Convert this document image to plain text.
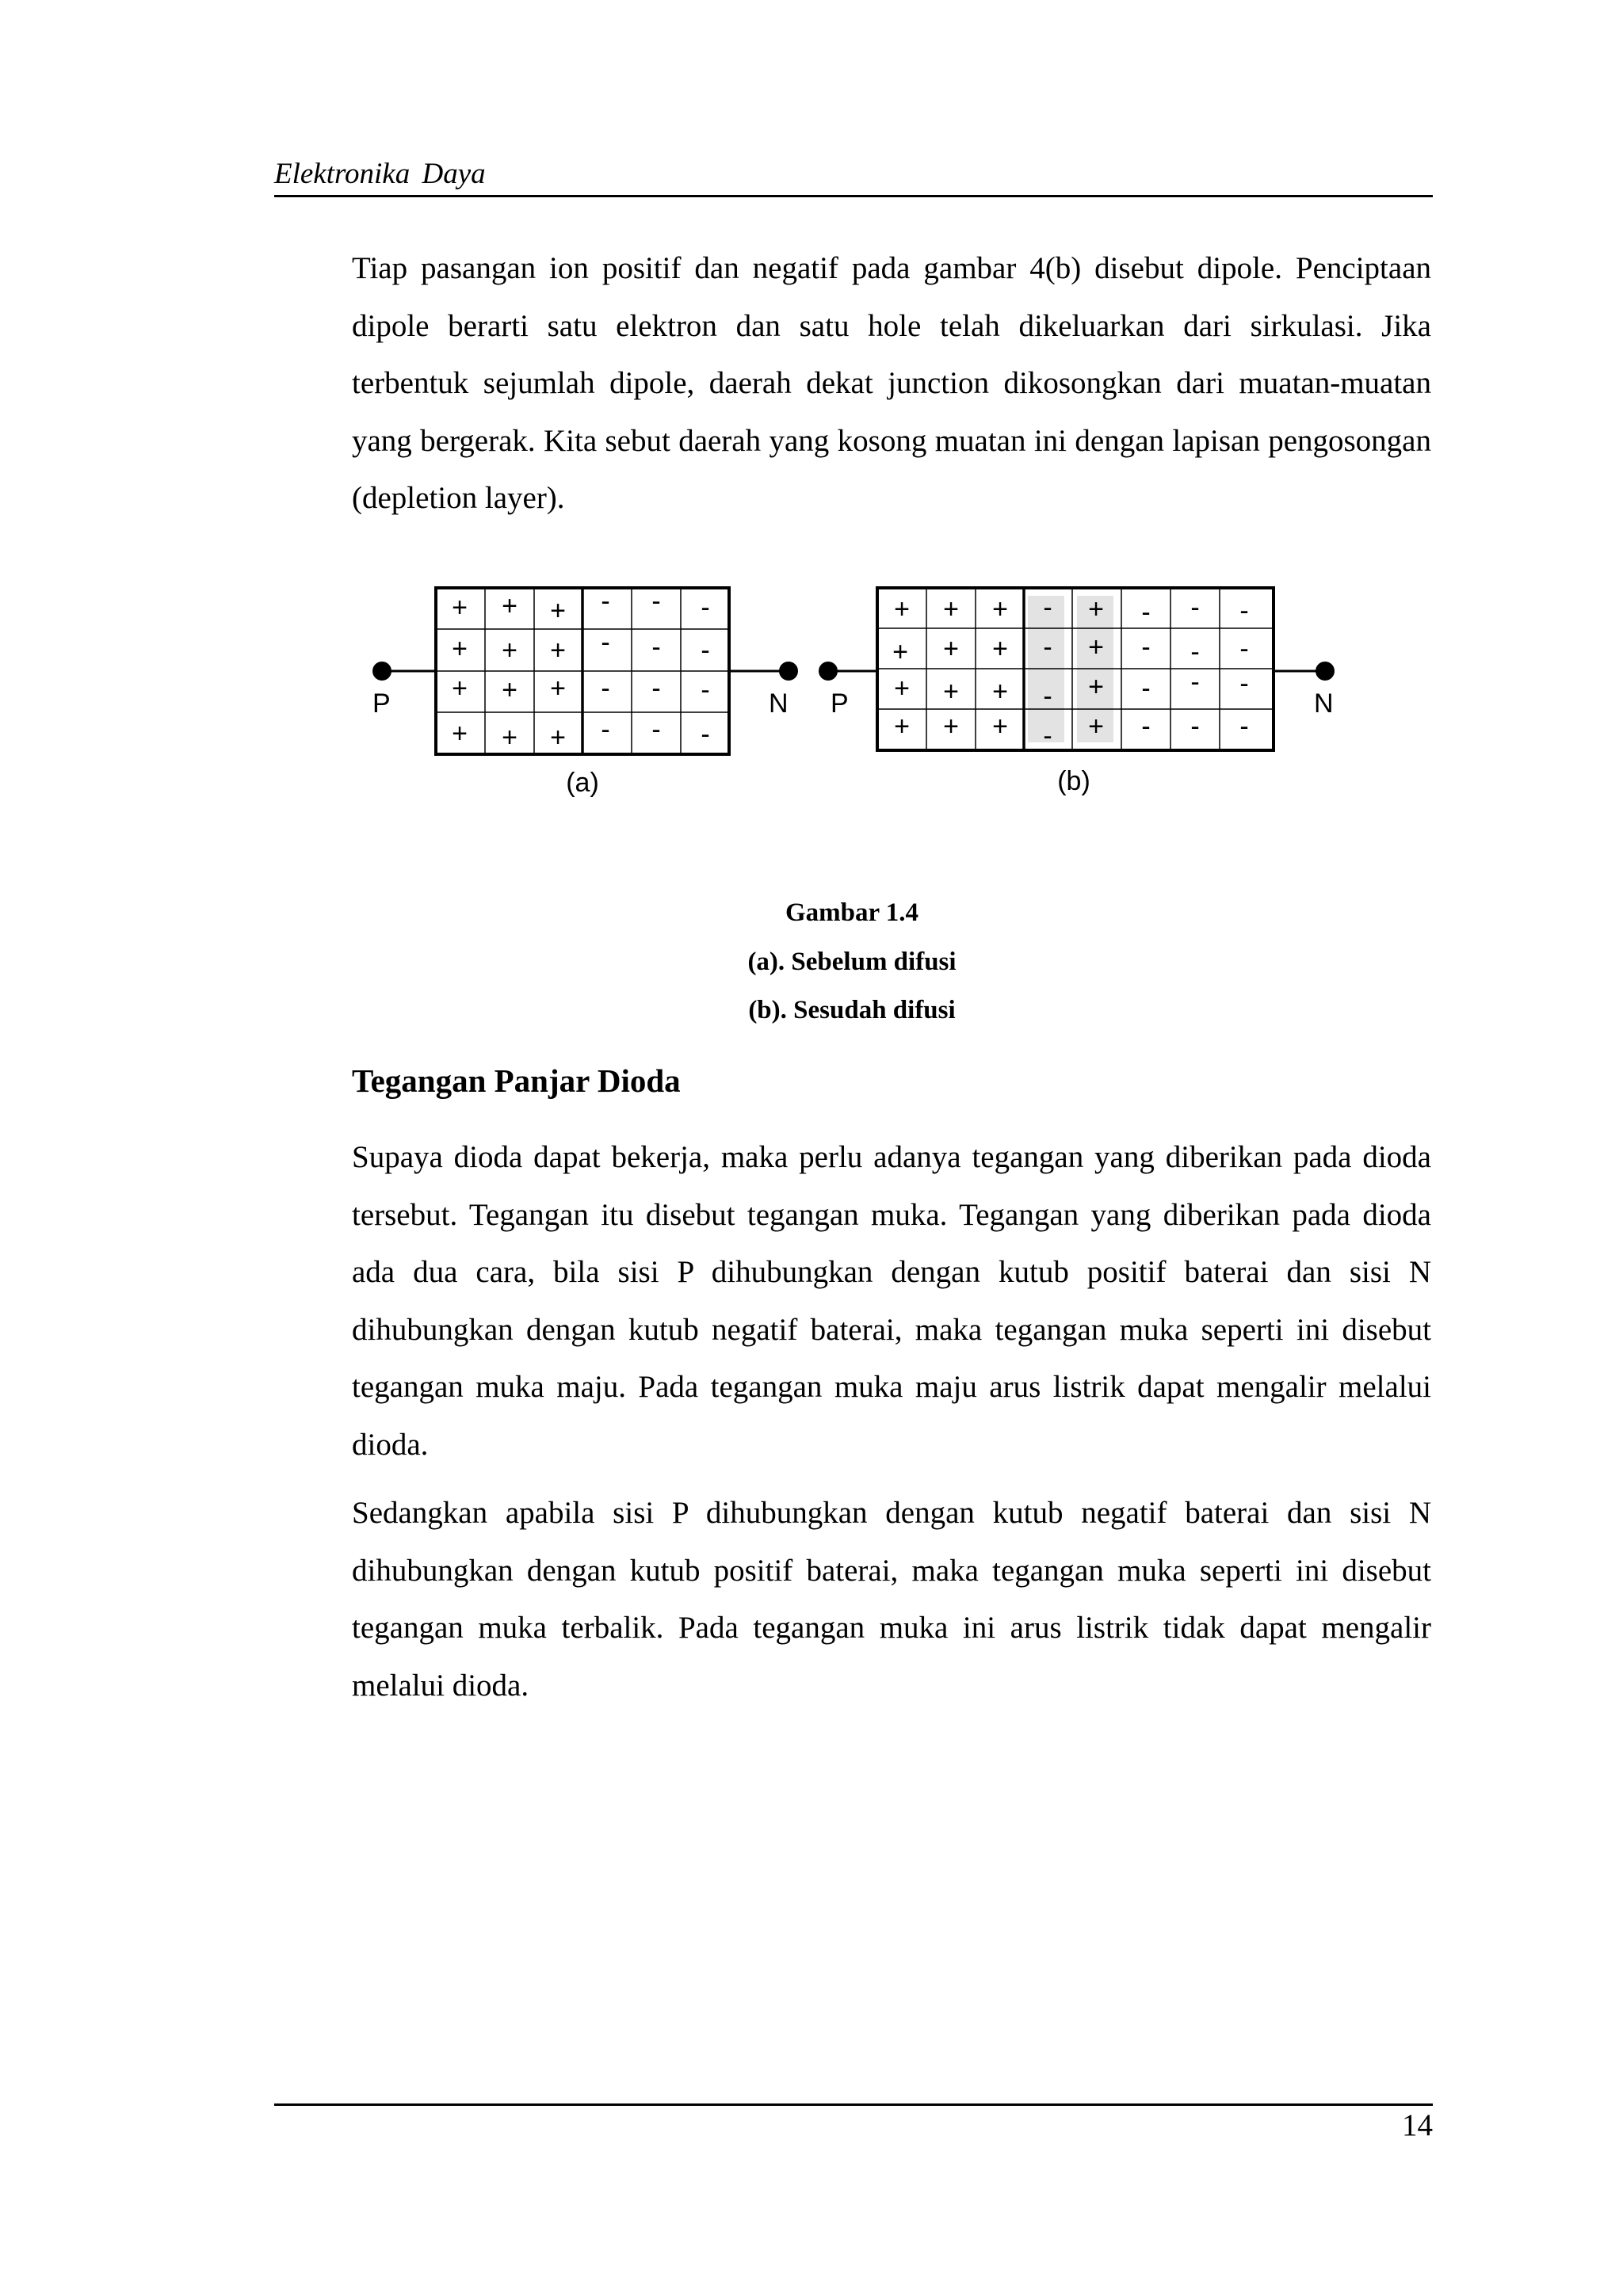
Elektronika Daya
Tiap pasangan ion positif dan negatif pada gambar 4(b) disebut dipole. Penciptaan dipole berarti satu elektron dan satu hole telah dikeluarkan dari sirkulasi. Jika terbentuk sejumlah dipole, daerah dekat junction dikosongkan dari muatan-muatan yang bergerak. Kita sebut daerah yang kosong muatan ini dengan lapisan pengosongan (depletion layer).
P	N
+ + +
+ + +
+ + +
+ + +
- - -
- - -
- - -
- - -
(a)
P	N
+ + +
+ + +
+ + +
+ + +
-
-
-
-
+
+
+
+
- - -
- - -
- - -
- - -
(b)
Gambar 1.4
(a). Sebelum difusi
(b). Sesudah difusi
Tegangan Panjar Dioda
Supaya dioda dapat bekerja, maka perlu adanya tegangan yang diberikan pada dioda tersebut. Tegangan itu disebut tegangan muka. Tegangan yang diberikan pada dioda ada dua cara, bila sisi P dihubungkan dengan kutub positif baterai dan sisi N dihubungkan dengan kutub negatif baterai, maka tegangan muka seperti ini disebut tegangan muka maju. Pada tegangan muka maju arus listrik dapat mengalir melalui dioda.
Sedangkan apabila sisi P dihubungkan dengan kutub negatif baterai dan sisi N dihubungkan dengan kutub positif baterai, maka tegangan muka seperti ini disebut tegangan muka terbalik. Pada tegangan muka ini arus listrik tidak dapat mengalir melalui dioda.
14
